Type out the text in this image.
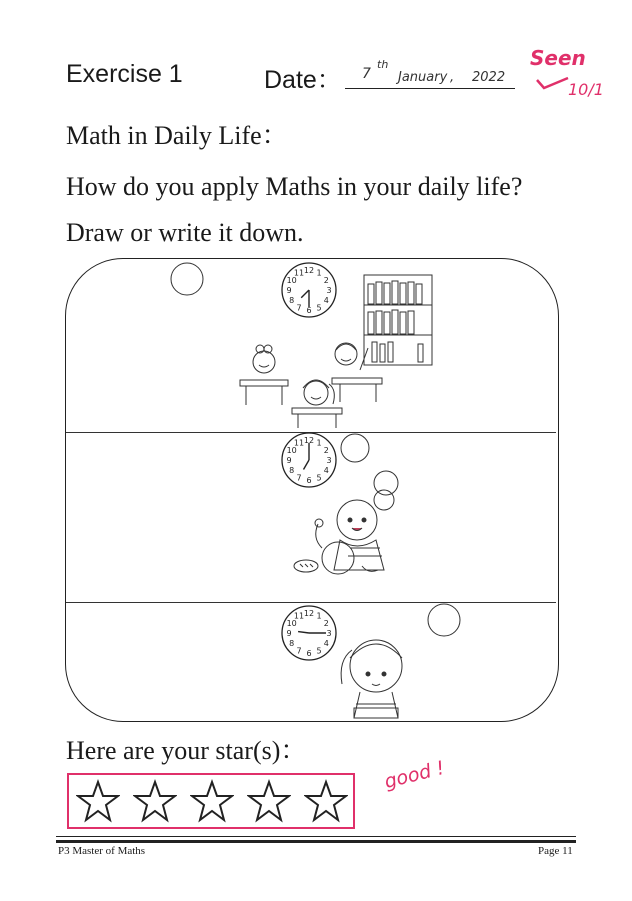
Exercise 1	Date： 7
th
January , 2022
Seen
10/1
Math in Daily Life：
How do you apply Maths in your daily life?
Draw or write it down.
12 1
2
3
4
5
6
7
8
9
10
11
12 1
2
3
4
5
6
7
8
9
10
11
12 1
2
3
4
5
6
7
8
9
10
11
Here are your star(s)：
good !
P3 Master of Maths	Page 11
